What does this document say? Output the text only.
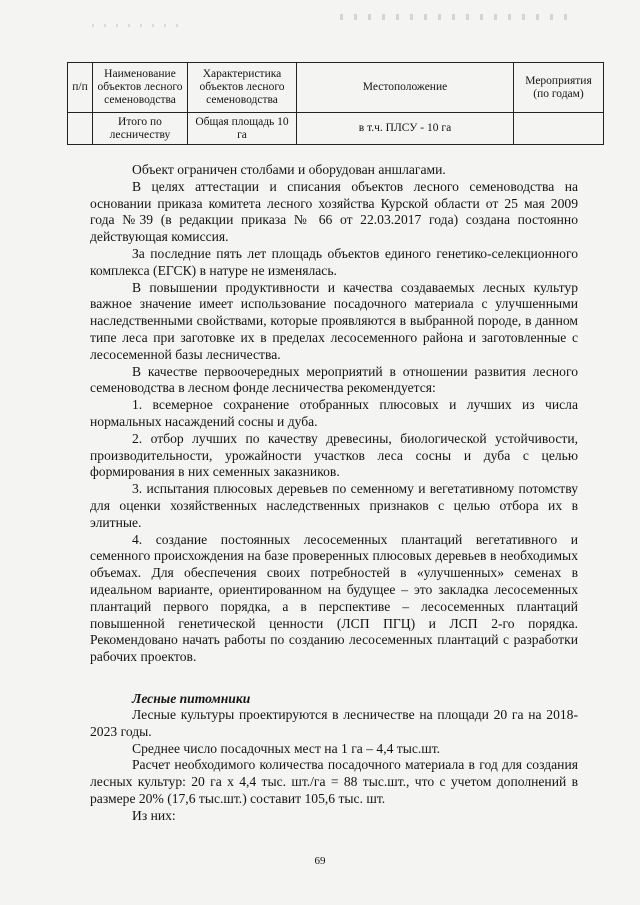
п/п	Наименование объектов лесного семеноводства	Характеристика объектов лесного семеноводства	Местоположение	Мероприятия (по годам)
	Итого по лесничеству	Общая площадь 10 га	в т.ч. ПЛСУ - 10 га	

Объект ограничен столбами и оборудован аншлагами.

В целях аттестации и списания объектов лесного семеноводства на основании приказа комитета лесного хозяйства Курской области от 25 мая 2009 года №39 (в редакции приказа № 66 от 22.03.2017 года) создана постоянно действующая комиссия.

За последние пять лет площадь объектов единого генетико-селекционного комплекса (ЕГСК) в натуре не изменялась.

В повышении продуктивности и качества создаваемых лесных культур важное значение имеет использование посадочного материала с улучшенными наследственными свойствами, которые проявляются в выбранной породе, в данном типе леса при заготовке их в пределах лесосеменного района и заготовленные с лесосеменной базы лесничества.

В качестве первоочередных мероприятий в отношении развития лесного семеноводства в лесном фонде лесничества рекомендуется:

1. всемерное сохранение отобранных плюсовых и лучших из числа нормальных насаждений сосны и дуба.

2. отбор лучших по качеству древесины, биологической устойчивости, производительности, урожайности участков леса сосны и дуба с целью формирования в них семенных заказников.

3. испытания плюсовых деревьев по семенному и вегетативному потомству для оценки хозяйственных наследственных признаков с целью отбора их в элитные.

4. создание постоянных лесосеменных плантаций вегетативного и семенного происхождения на базе проверенных плюсовых деревьев в необходимых объемах. Для обеспечения своих потребностей в «улучшенных» семенах в идеальном варианте, ориентированном на будущее – это закладка лесосеменных плантаций первого порядка, а в перспективе – лесосеменных плантаций повышенной генетической ценности (ЛСП ПГЦ) и ЛСП 2-го порядка. Рекомендовано начать работы по созданию лесосеменных плантаций с разработки рабочих проектов.

Лесные питомники

Лесные культуры проектируются в лесничестве на площади 20 га на 2018-2023 годы.

Среднее число посадочных мест на 1 га – 4,4 тыс.шт.

Расчет необходимого количества посадочного материала в год для создания лесных культур: 20 га х 4,4 тыс. шт./га = 88 тыс.шт., что с учетом дополнений в размере 20% (17,6 тыс.шт.) составит 105,6 тыс. шт.

Из них:

69
